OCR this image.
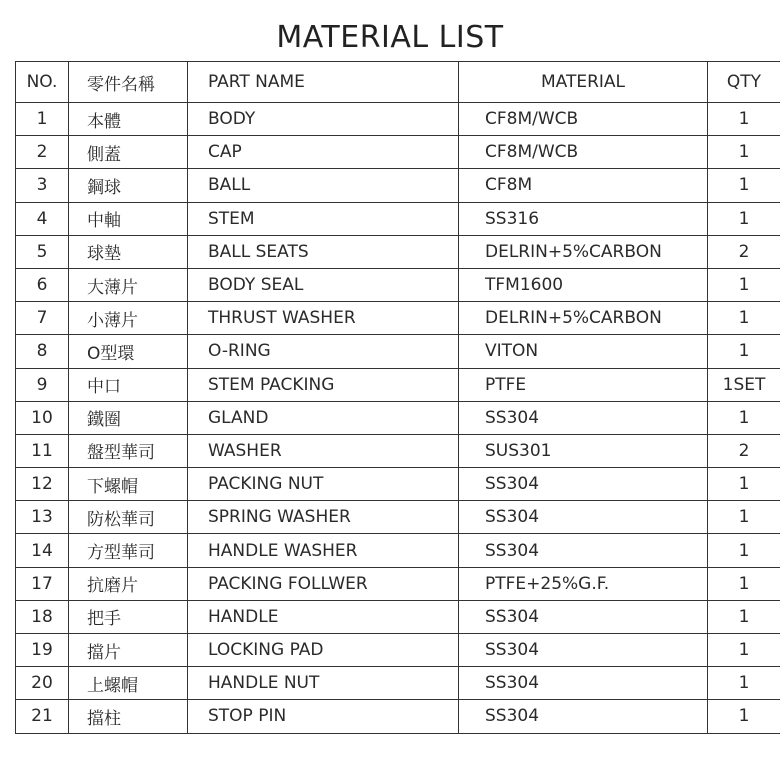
MATERIAL LIST
NO.	零件名稱	PART NAME	MATERIAL	QTY
1	本體	BODY	CF8M/WCB	1
2	側蓋	CAP	CF8M/WCB	1
3	鋼球	BALL	CF8M	1
4	中軸	STEM	SS316	1
5	球墊	BALL SEATS	DELRIN+5%CARBON	2
6	大薄片	BODY SEAL	TFM1600	1
7	小薄片	THRUST WASHER	DELRIN+5%CARBON	1
8	O型環	O-RING	VITON	1
9	中口	STEM PACKING	PTFE	1SET
10	鐵圈	GLAND	SS304	1
11	盤型華司	WASHER	SUS301	2
12	下螺帽	PACKING NUT	SS304	1
13	防松華司	SPRING WASHER	SS304	1
14	方型華司	HANDLE WASHER	SS304	1
17	抗磨片	PACKING FOLLWER	PTFE+25%G.F.	1
18	把手	HANDLE	SS304	1
19	擋片	LOCKING PAD	SS304	1
20	上螺帽	HANDLE NUT	SS304	1
21	擋柱	STOP PIN	SS304	1
